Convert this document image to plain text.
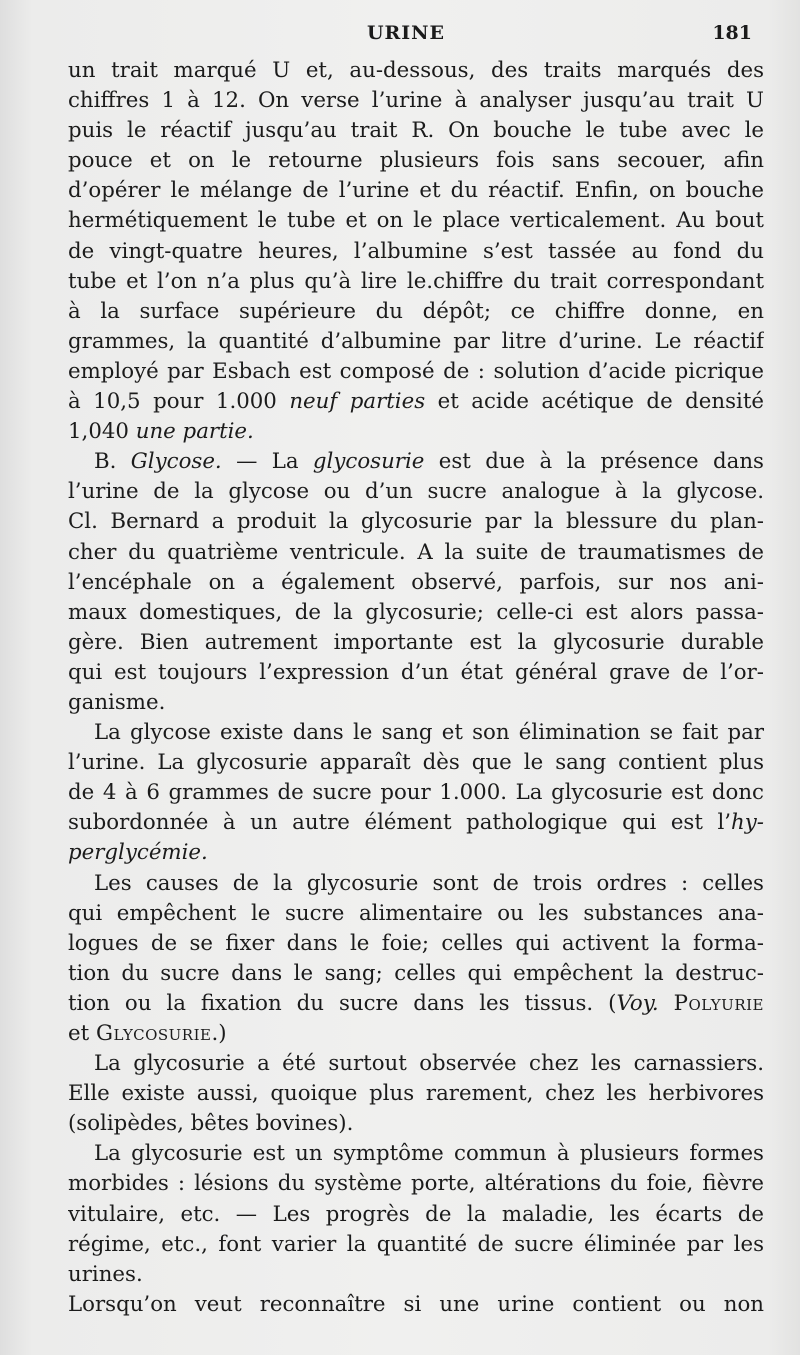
URINE	181
un trait marqué U et, au-dessous, des traits marqués des
chiffres 1 à 12. On verse l’urine à analyser jusqu’au trait U
puis le réactif jusqu’au trait R. On bouche le tube avec le
pouce et on le retourne plusieurs fois sans secouer, afin
d’opérer le mélange de l’urine et du réactif. Enfin, on bouche
hermétiquement le tube et on le place verticalement. Au bout
de vingt-quatre heures, l’albumine s’est tassée au fond du
tube et l’on n’a plus qu’à lire le.chiffre du trait correspondant
à la surface supérieure du dépôt; ce chiffre donne, en
grammes, la quantité d’albumine par litre d’urine. Le réactif
employé par Esbach est composé de : solution d’acide picrique
à 10,5 pour 1.000 neuf parties et acide acétique de densité
1,040 une partie.
B. Glycose. — La glycosurie est due à la présence dans
l’urine de la glycose ou d’un sucre analogue à la glycose.
Cl. Bernard a produit la glycosurie par la blessure du plan-
cher du quatrième ventricule. A la suite de traumatismes de
l’encéphale on a également observé, parfois, sur nos ani-
maux domestiques, de la glycosurie; celle-ci est alors passa-
gère. Bien autrement importante est la glycosurie durable
qui est toujours l’expression d’un état général grave de l’or-
ganisme.
La glycose existe dans le sang et son élimination se fait par
l’urine. La glycosurie apparaît dès que le sang contient plus
de 4 à 6 grammes de sucre pour 1.000. La glycosurie est donc
subordonnée à un autre élément pathologique qui est l’hy-
perglycémie.
Les causes de la glycosurie sont de trois ordres : celles
qui empêchent le sucre alimentaire ou les substances ana-
logues de se fixer dans le foie; celles qui activent la forma-
tion du sucre dans le sang; celles qui empêchent la destruc-
tion ou la fixation du sucre dans les tissus. (Voy. Polyurie
et Glycosurie.)
La glycosurie a été surtout observée chez les carnassiers.
Elle existe aussi, quoique plus rarement, chez les herbivores
(solipèdes, bêtes bovines).
La glycosurie est un symptôme commun à plusieurs formes
morbides : lésions du système porte, altérations du foie, fièvre
vitulaire, etc. — Les progrès de la maladie, les écarts de
régime, etc., font varier la quantité de sucre éliminée par les
urines.
Lorsqu’on veut reconnaître si une urine contient ou non
